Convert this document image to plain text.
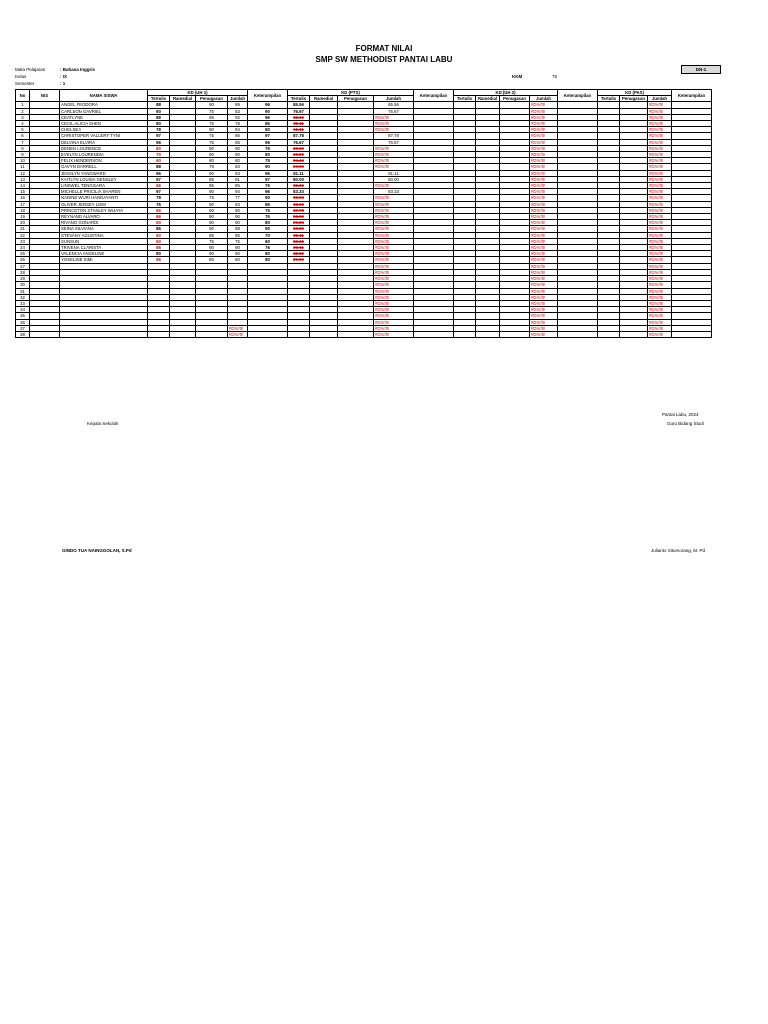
FORMAT NILAI
SMP SW METHODIST PANTAI LABU
DN-1
Mata Pelajaran	: Bahasa Inggris
Kelas	: IX
Semester	: 1
KKM	75
No	NIS	NAMA SISWA	KD (UH 1)				Keterampilan	KD (PTS)				Keterampilan	KD (UH 2)				Keterampilan	KD (PAS)			Keterampilan
			Tertulis	Ramedial	Penugasan	Jumlah		Tertulis	Ramedial	Penugasan	Jumlah		Tertulis	Ramedial	Penugasan	Jumlah		Tertulis	Penugasan	Jumlah	
1		ANGEL FEODORA	88		90	89	96	85.56			85.56					#DIV/0!				#DIV/0!	
2		CARLSON GAVRIEL	90		75	83	90	76.67			76.67					#DIV/0!				#DIV/0!	
3		CEATLYNE	88		95	92	96	62.22			#DIV/0!					#DIV/0!				#DIV/0!	
4		CECIL ALICIA SHEN	80		75	78	86	31.11			#DIV/0!					#DIV/0!				#DIV/0!	
5		CHELSEA	78		90	84	80	61.11			#DIV/0!					#DIV/0!				#DIV/0!	
6		CHRISTOPER VALLERY TYNI	97		75	86	97	87.78			87.78					#DIV/0!				#DIV/0!	
7		DELVINA ELVIRA	96		75	85	96	76.67			76.67					#DIV/0!				#DIV/0!	
8		DENEN LOURENCE	60		90	90	76	30.00			#DIV/0!					#DIV/0!				#DIV/0!	
9		EVELYN LOURENDIA	70		90	90	80	30.00			#DIV/0!					#DIV/0!				#DIV/0!	
10		FELIX HENDERSON	60		80	80	75	34.44			#DIV/0!					#DIV/0!				#DIV/0!	
11		GAVYN DARRELL	88		78	83	90	66.66			#DIV/0!					#DIV/0!				#DIV/0!	
12		JESSLYN YANGWARD	96		90	93	96	81.11			81.11					#DIV/0!				#DIV/0!	
13		KAITLYN LOUISA GENSLEY	97		85	91	97	80.00			80.00					#DIV/0!				#DIV/0!	
14		LINSWEL TENGGARA	66		85	85	76	32.22			#DIV/0!					#DIV/0!				#DIV/0!	
15		MICHELLE PRICILIA SHAREN	97		90	94	96	83.33			83.33					#DIV/0!				#DIV/0!	
16		NADINE WURI HANDAYANTI	78		75	77	90	33.33			#DIV/0!					#DIV/0!				#DIV/0!	
17		OLIVER JERSEY LIEM	76		90	83	86	33.33			#DIV/0!					#DIV/0!				#DIV/0!	
18		PRINCETON STANLEY WIJAYA	66		90	90	75	37.78			#DIV/0!					#DIV/0!				#DIV/0!	
19		REYNAND ALVARO	66		90	90	76	26.50			#DIV/0!					#DIV/0!				#DIV/0!	
20		RIVANO GONARDI	60		90	90	80	26.24			#DIV/0!					#DIV/0!				#DIV/0!	
21		SEINA SILVIANA	86		90	88	90	60.20			#DIV/0!					#DIV/0!				#DIV/0!	
22		STEVANY AGUSTINA	60		85	85	70	21.11			#DIV/0!					#DIV/0!				#DIV/0!	
23		SUNSUN	60		75	75	60	22.22			#DIV/0!					#DIV/0!				#DIV/0!	
24		TRIVENA CLARISTA	66		90	90	76	21.11			#DIV/0!					#DIV/0!				#DIV/0!	
25		VALENCIA ANGELINE	80		90	90	80	32.22			#DIV/0!					#DIV/0!				#DIV/0!	
26		YOSELINE SIMI	66		80	80	80	26.50			#DIV/0!					#DIV/0!				#DIV/0!	
27											#DIV/0!					#DIV/0!				#DIV/0!	
28											#DIV/0!					#DIV/0!				#DIV/0!	
29											#DIV/0!					#DIV/0!				#DIV/0!	
30											#DIV/0!					#DIV/0!				#DIV/0!	
31											#DIV/0!					#DIV/0!				#DIV/0!	
32											#DIV/0!					#DIV/0!				#DIV/0!	
33											#DIV/0!					#DIV/0!				#DIV/0!	
34											#DIV/0!					#DIV/0!				#DIV/0!	
35											#DIV/0!					#DIV/0!				#DIV/0!	
36											#DIV/0!					#DIV/0!				#DIV/0!	
37						#DIV/0!					#DIV/0!					#DIV/0!				#DIV/0!	
38						#DIV/0!					#DIV/0!					#DIV/0!				#DIV/0!	
Pantai Labu, 2024
Guru Bidang Studi
Kepala Sekolah
GINDO TUA NAINGGOLAN, S.Pd	Julianto Situmorang, M. Pd
